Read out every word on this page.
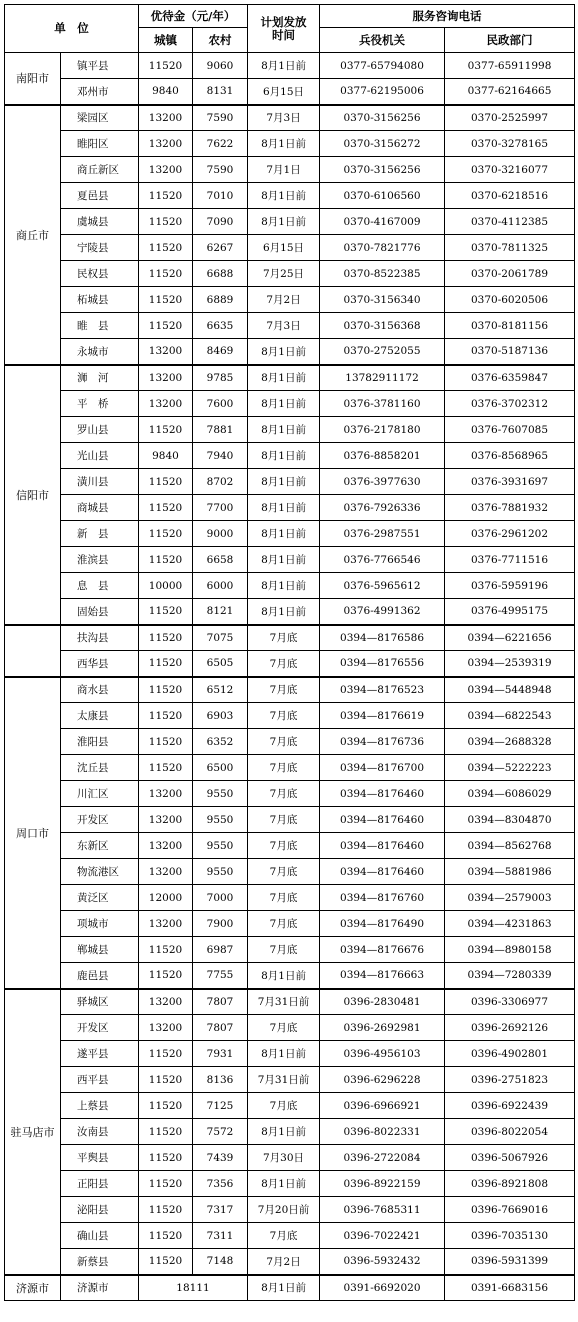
单　位		优待金（元/年）		计划发放时间	服务咨询电话	
		城镇	农村		兵役机关	民政部门
南阳市	镇平县	11520	9060	8月1日前	0377-65794080	0377-65911998
	邓州市	9840	8131	6月15日	0377-62195006	0377-62164665
商丘市	梁园区	13200	7590	7月3日	0370-3156256	0370-2525997
	睢阳区	13200	7622	8月1日前	0370-3156272	0370-3278165
	商丘新区	13200	7590	7月1日	0370-3156256	0370-3216077
	夏邑县	11520	7010	8月1日前	0370-6106560	0370-6218516
	虞城县	11520	7090	8月1日前	0370-4167009	0370-4112385
	宁陵县	11520	6267	6月15日	0370-7821776	0370-7811325
	民权县	11520	6688	7月25日	0370-8522385	0370-2061789
	柘城县	11520	6889	7月2日	0370-3156340	0370-6020506
	睢　县	11520	6635	7月3日	0370-3156368	0370-8181156
	永城市	13200	8469	8月1日前	0370-2752055	0370-5187136
信阳市	浉　河	13200	9785	8月1日前	13782911172	0376-6359847
	平　桥	13200	7600	8月1日前	0376-3781160	0376-3702312
	罗山县	11520	7881	8月1日前	0376-2178180	0376-7607085
	光山县	9840	7940	8月1日前	0376-8858201	0376-8568965
	潢川县	11520	8702	8月1日前	0376-3977630	0376-3931697
	商城县	11520	7700	8月1日前	0376-7926336	0376-7881932
	新　县	11520	9000	8月1日前	0376-2987551	0376-2961202
	淮滨县	11520	6658	8月1日前	0376-7766546	0376-7711516
	息　县	10000	6000	8月1日前	0376-5965612	0376-5959196
	固始县	11520	8121	8月1日前	0376-4991362	0376-4995175
	扶沟县	11520	7075	7月底	0394—8176586	0394—6221656
	西华县	11520	6505	7月底	0394—8176556	0394—2539319
周口市	商水县	11520	6512	7月底	0394—8176523	0394—5448948
	太康县	11520	6903	7月底	0394—8176619	0394—6822543
	淮阳县	11520	6352	7月底	0394—8176736	0394—2688328
	沈丘县	11520	6500	7月底	0394—8176700	0394—5222223
	川汇区	13200	9550	7月底	0394—8176460	0394—6086029
	开发区	13200	9550	7月底	0394—8176460	0394—8304870
	东新区	13200	9550	7月底	0394—8176460	0394—8562768
	物流港区	13200	9550	7月底	0394—8176460	0394—5881986
	黄泛区	12000	7000	7月底	0394—8176760	0394—2579003
	项城市	13200	7900	7月底	0394—8176490	0394—4231863
	郸城县	11520	6987	7月底	0394—8176676	0394—8980158
	鹿邑县	11520	7755	8月1日前	0394—8176663	0394—7280339
驻马店市	驿城区	13200	7807	7月31日前	0396-2830481	0396-3306977
	开发区	13200	7807	7月底	0396-2692981	0396-2692126
	遂平县	11520	7931	8月1日前	0396-4956103	0396-4902801
	西平县	11520	8136	7月31日前	0396-6296228	0396-2751823
	上蔡县	11520	7125	7月底	0396-6966921	0396-6922439
	汝南县	11520	7572	8月1日前	0396-8022331	0396-8022054
	平舆县	11520	7439	7月30日	0396-2722084	0396-5067926
	正阳县	11520	7356	8月1日前	0396-8922159	0396-8921808
	泌阳县	11520	7317	7月20日前	0396-7685311	0396-7669016
	确山县	11520	7311	7月底	0396-7022421	0396-7035130
	新蔡县	11520	7148	7月2日	0396-5932432	0396-5931399
济源市	济源市	18111		8月1日前	0391-6692020	0391-6683156
